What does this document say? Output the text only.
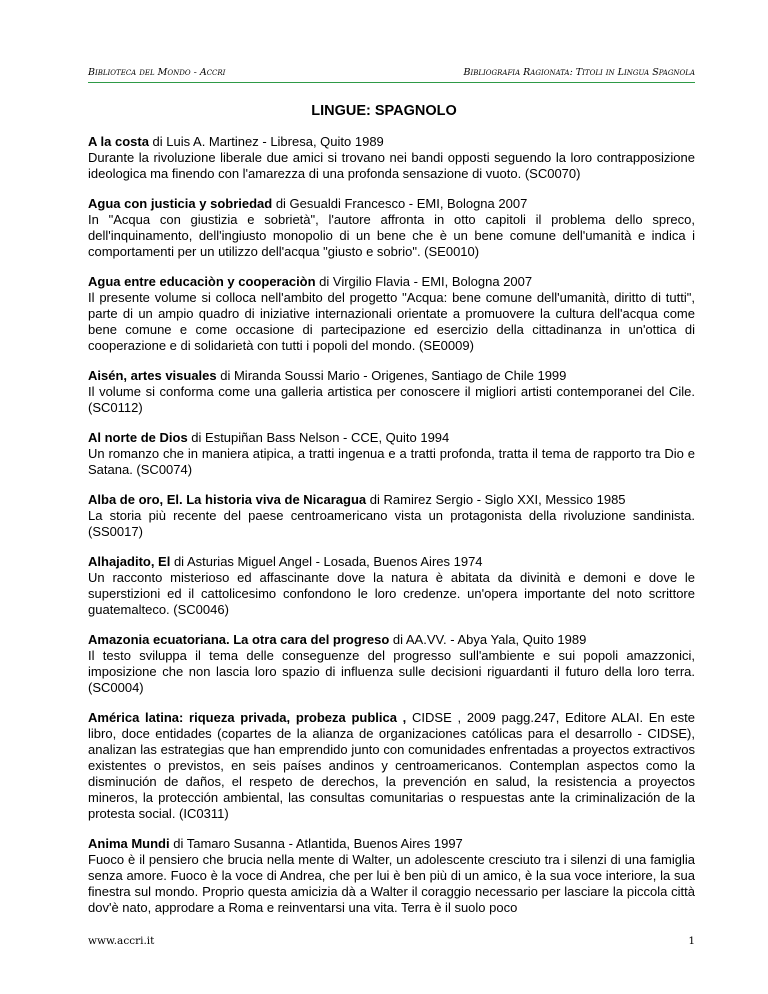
Biblioteca del Mondo - Accri	Bibliografia Ragionata: Titoli in Lingua Spagnola
LINGUE: SPAGNOLO

A la costa di Luis A. Martinez - Libresa, Quito 1989
Durante la rivoluzione liberale due amici si trovano nei bandi opposti seguendo la loro contrapposizione ideologica ma finendo con l'amarezza di una profonda sensazione di vuoto. (SC0070)

Agua con justicia y sobriedad di Gesualdi Francesco - EMI, Bologna 2007
In "Acqua con giustizia e sobrietà", l'autore affronta in otto capitoli il problema dello spreco, dell'inquinamento, dell'ingiusto monopolio di un bene che è un bene comune dell'umanità e indica i comportamenti per un utilizzo dell'acqua "giusto e sobrio". (SE0010)

Agua entre educaciòn y cooperaciòn di Virgilio Flavia - EMI, Bologna 2007
Il presente volume si colloca nell'ambito del progetto "Acqua: bene comune dell'umanità, diritto di tutti", parte di un ampio quadro di iniziative internazionali orientate a promuovere la cultura dell'acqua come bene comune e come occasione di partecipazione ed esercizio della cittadinanza in un'ottica di cooperazione e di solidarietà con tutti i popoli del mondo. (SE0009)

Aisén, artes visuales di Miranda Soussi Mario - Origenes, Santiago de Chile 1999
Il volume si conforma come una galleria artistica per conoscere il migliori artisti contemporanei del Cile. (SC0112)

Al norte de Dios di Estupiñan Bass Nelson - CCE, Quito 1994
Un romanzo che in maniera atipica, a tratti ingenua e a tratti profonda, tratta il tema de rapporto tra Dio e Satana. (SC0074)

Alba de oro, El. La historia viva de Nicaragua di Ramirez Sergio - Siglo XXI, Messico 1985
La storia più recente del paese centroamericano vista un protagonista della rivoluzione sandinista. (SS0017)

Alhajadito, El di Asturias Miguel Angel - Losada, Buenos Aires 1974
Un racconto misterioso ed affascinante dove la natura è abitata da divinità e demoni e dove le superstizioni ed il cattolicesimo confondono le loro credenze. un'opera importante del noto scrittore guatemalteco. (SC0046)

Amazonia ecuatoriana. La otra cara del progreso di AA.VV. - Abya Yala, Quito 1989
Il testo sviluppa il tema delle conseguenze del progresso sull'ambiente e sui popoli amazzonici, imposizione che non lascia loro spazio di influenza sulle decisioni riguardanti il futuro della loro terra. (SC0004)

América latina: riqueza privada, probeza publica , CIDSE , 2009 pagg.247, Editore ALAI. En este libro, doce entidades (copartes de la alianza de organizaciones católicas para el desarrollo - CIDSE), analizan las estrategias que han emprendido junto con comunidades enfrentadas a proyectos extractivos existentes o previstos, en seis países andinos y centroamericanos. Contemplan aspectos como la disminución de daños, el respeto de derechos, la prevención en salud, la resistencia a proyectos mineros, la protección ambiental, las consultas comunitarias o respuestas ante la criminalización de la protesta social. (IC0311)

Anima Mundi di Tamaro Susanna - Atlantida, Buenos Aires 1997
Fuoco è il pensiero che brucia nella mente di Walter, un adolescente cresciuto tra i silenzi di una famiglia senza amore. Fuoco è la voce di Andrea, che per lui è ben più di un amico, è la sua voce interiore, la sua finestra sul mondo. Proprio questa amicizia dà a Walter il coraggio necessario per lasciare la piccola città dov'è nato, approdare a Roma e reinventarsi una vita. Terra è il suolo poco

www.accri.it	1
